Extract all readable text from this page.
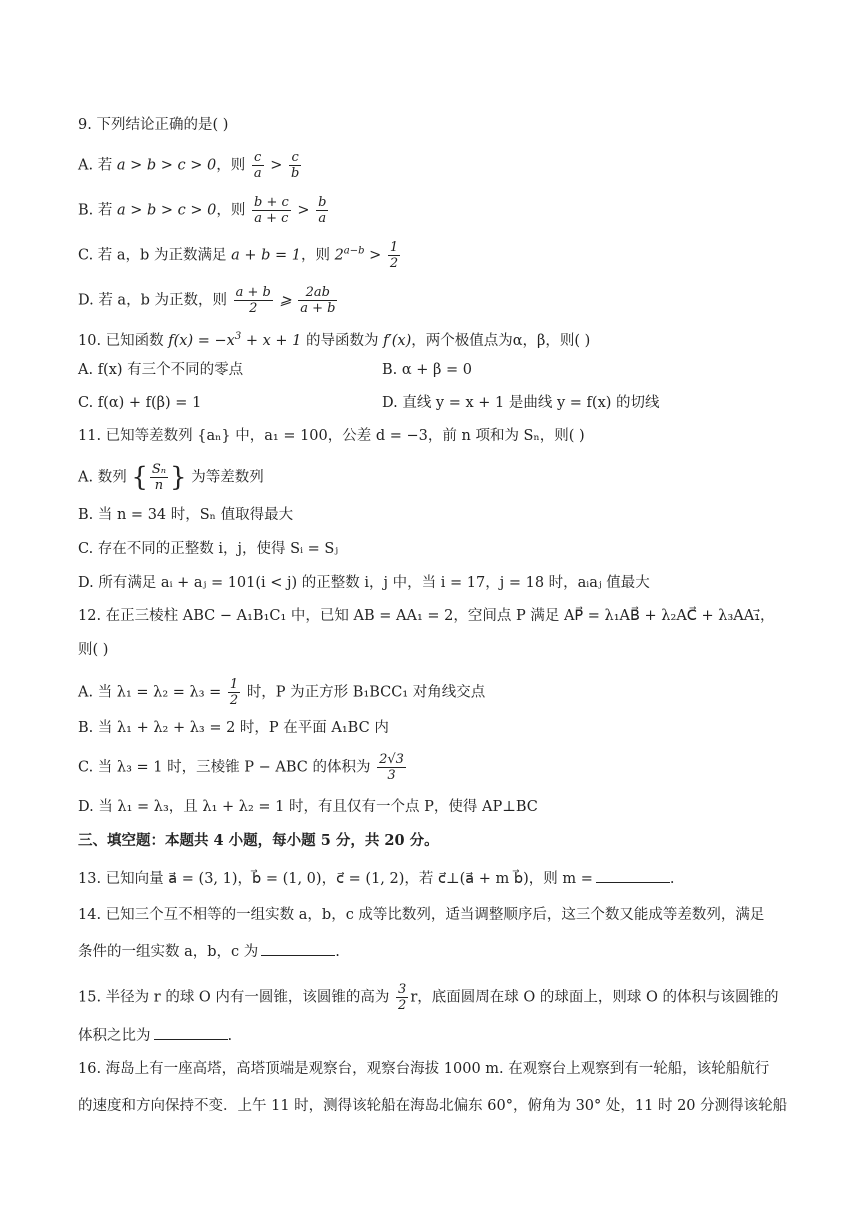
9. 下列结论正确的是( )
A. 若 a > b > c > 0，则 $\frac{c}{a} > \frac{c}{b}$
B. 若 a > b > c > 0，则 $\frac{b + c}{a + c} > \frac{b}{a}$
C. 若 a，b 为正数满足 a + b = 1，则 $2^{a-b} > \frac{1}{2}$
D. 若 a，b 为正数，则 $\frac{a + b}{2}$ ⩾ $\frac{2ab}{a + b}$
10. 已知函数 $f(x) = -x^3 + x + 1$ 的导函数为 f′(x)，两个极值点为α，β，则( )
A. f(x) 有三个不同的零点	B. α + β = 0
C. f(α) + f(β) = 1	D. 直线 y = x + 1 是曲线 y = f(x) 的切线
11. 已知等差数列 {aₙ} 中，a₁ = 100，公差 d = −3，前 n 项和为 Sₙ，则( )
A. 数列 { $\frac{\text{Sₙ}}{n}$ } 为等差数列
B. 当 n = 34 时，Sₙ 值取得最大
C. 存在不同的正整数 i，j，使得 Sᵢ = Sⱼ
D. 所有满足 aᵢ + aⱼ = 101(i < j) 的正整数 i，j 中，当 i = 17，j = 18 时，aᵢaⱼ 值最大
12. 在正三棱柱 ABC − A₁B₁C₁ 中，已知 AB = AA₁ = 2，空间点 P 满足 AP⃗ = λ₁AB⃗ + λ₂AC⃗ + λ₃AA₁⃗，
则( )
A. 当 $\lambda_1 = \lambda_2 = \lambda_3 = \frac{1}{2}$ 时，P 为正方形 B₁BCC₁ 对角线交点
B. 当 λ₁ + λ₂ + λ₃ = 2 时，P 在平面 A₁BC 内
C. 当 λ₃ = 1 时，三棱锥 P − ABC 的体积为 $\frac{2√3}{3}$
D. 当 λ₁ = λ₃，且 λ₁ + λ₂ = 1 时，有且仅有一个点 P，使得 AP⊥BC
三、填空题：本题共 4 小题，每小题 5 分，共 20 分。
13. 已知向量 a⃗ = (3, 1)，b⃗ = (1, 0)，c⃗ = (1, 2)，若 c⃗⊥(a⃗ + m b⃗)，则 m =	.
14. 已知三个互不相等的一组实数 a，b，c 成等比数列，适当调整顺序后，这三个数又能成等差数列，满足
条件的一组实数 a，b，c 为	.
15. 半径为 r 的球 O 内有一圆锥，该圆锥的高为 $\frac{3}{2}$ r，底面圆周在球 O 的球面上，则球 O 的体积与该圆锥的
体积之比为	.
16. 海岛上有一座高塔，高塔顶端是观察台，观察台海拔 1000 m. 在观察台上观察到有一轮船，该轮船航行
的速度和方向保持不变．上午 11 时，测得该轮船在海岛北偏东 60°，俯角为 30° 处，11 时 20 分测得该轮船
